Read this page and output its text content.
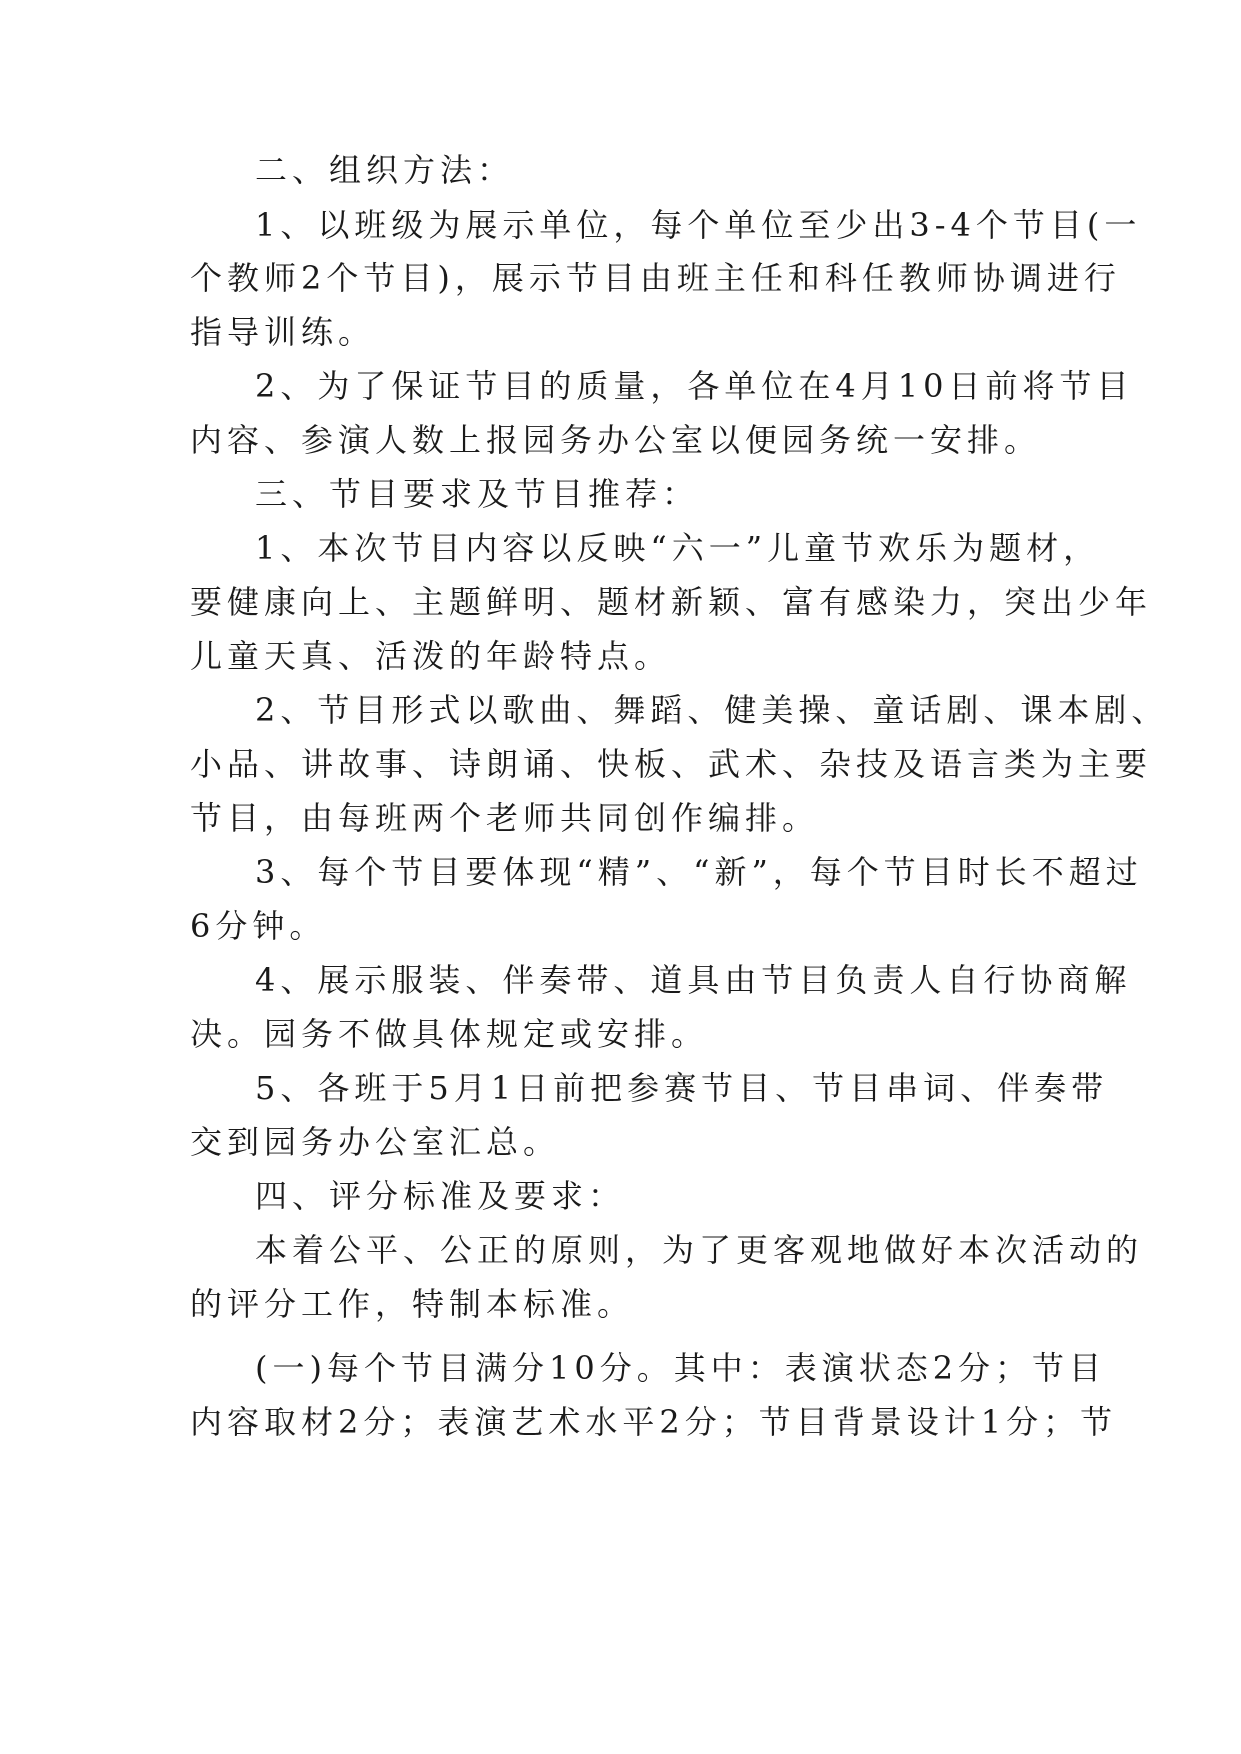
二、组织方法：

1、以班级为展示单位，每个单位至少出3-4个节目(一

个教师2个节目)，展示节目由班主任和科任教师协调进行

指导训练。

2、为了保证节目的质量，各单位在4月10日前将节目

内容、参演人数上报园务办公室以便园务统一安排。

三、节目要求及节目推荐：

1、本次节目内容以反映“六一”儿童节欢乐为题材，

要健康向上、主题鲜明、题材新颖、富有感染力，突出少年

儿童天真、活泼的年龄特点。

2、节目形式以歌曲、舞蹈、健美操、童话剧、课本剧、

小品、讲故事、诗朗诵、快板、武术、杂技及语言类为主要

节目，由每班两个老师共同创作编排。

3、每个节目要体现“精”、“新”，每个节目时长不超过

6分钟。

4、展示服装、伴奏带、道具由节目负责人自行协商解

决。园务不做具体规定或安排。

5、各班于5月1日前把参赛节目、节目串词、伴奏带

交到园务办公室汇总。

四、评分标准及要求：

本着公平、公正的原则，为了更客观地做好本次活动的

的评分工作，特制本标准。

(一)每个节目满分10分。其中：表演状态2分；节目

内容取材2分；表演艺术水平2分；节目背景设计1分；节
